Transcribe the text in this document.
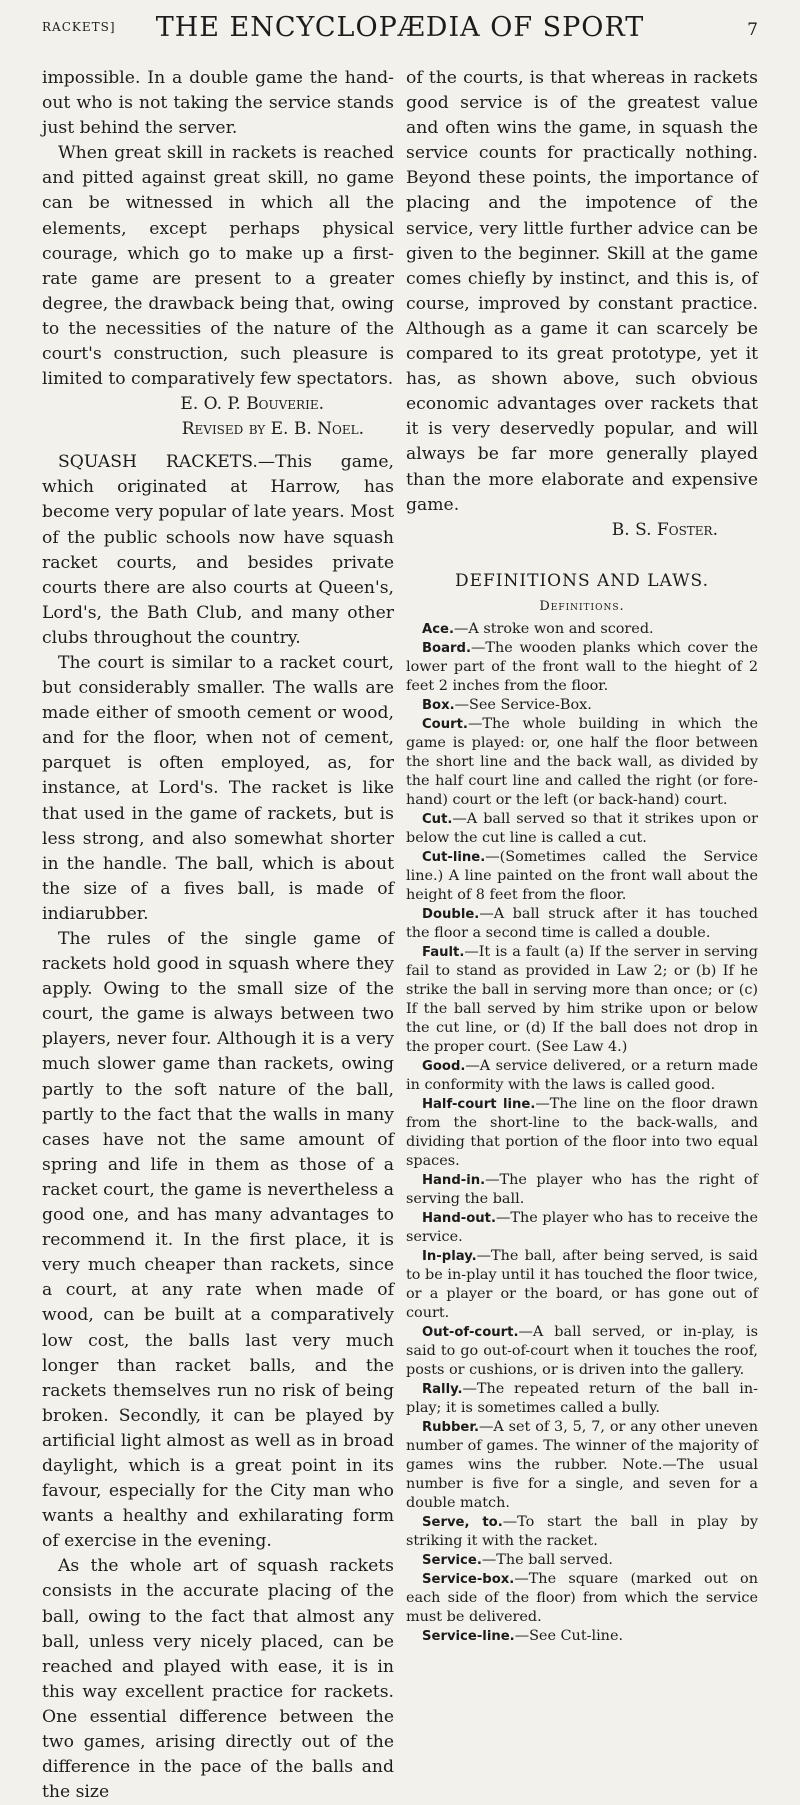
RACKETS]	THE ENCYCLOPÆDIA OF SPORT	7

impossible. In a double game the hand-out who is not taking the service stands just behind the server.

When great skill in rackets is reached and pitted against great skill, no game can be witnessed in which all the elements, except perhaps physical courage, which go to make up a first-rate game are present to a greater degree, the drawback being that, owing to the necessities of the nature of the court's construction, such pleasure is limited to comparatively few spectators.

E. O. P. Bouverie.

Revised by E. B. Noel.

SQUASH RACKETS.—This game, which originated at Harrow, has become very popular of late years. Most of the public schools now have squash racket courts, and besides private courts there are also courts at Queen's, Lord's, the Bath Club, and many other clubs throughout the country.

The court is similar to a racket court, but considerably smaller. The walls are made either of smooth cement or wood, and for the floor, when not of cement, parquet is often employed, as, for instance, at Lord's. The racket is like that used in the game of rackets, but is less strong, and also somewhat shorter in the handle. The ball, which is about the size of a fives ball, is made of indiarubber.

The rules of the single game of rackets hold good in squash where they apply. Owing to the small size of the court, the game is always between two players, never four. Although it is a very much slower game than rackets, owing partly to the soft nature of the ball, partly to the fact that the walls in many cases have not the same amount of spring and life in them as those of a racket court, the game is nevertheless a good one, and has many advantages to recommend it. In the first place, it is very much cheaper than rackets, since a court, at any rate when made of wood, can be built at a comparatively low cost, the balls last very much longer than racket balls, and the rackets themselves run no risk of being broken. Secondly, it can be played by artificial light almost as well as in broad daylight, which is a great point in its favour, especially for the City man who wants a healthy and exhilarating form of exercise in the evening.

As the whole art of squash rackets consists in the accurate placing of the ball, owing to the fact that almost any ball, unless very nicely placed, can be reached and played with ease, it is in this way excellent practice for rackets. One essential difference between the two games, arising directly out of the difference in the pace of the balls and the size

of the courts, is that whereas in rackets good service is of the greatest value and often wins the game, in squash the service counts for practically nothing. Beyond these points, the importance of placing and the impotence of the service, very little further advice can be given to the beginner. Skill at the game comes chiefly by instinct, and this is, of course, improved by constant practice. Although as a game it can scarcely be compared to its great prototype, yet it has, as shown above, such obvious economic advantages over rackets that it is very deservedly popular, and will always be far more generally played than the more elaborate and expensive game.

B. S. Foster.

DEFINITIONS AND LAWS.

Definitions.

Ace.—A stroke won and scored.

Board.—The wooden planks which cover the lower part of the front wall to the hieght of 2 feet 2 inches from the floor.

Box.—See Service-Box.

Court.—The whole building in which the game is played: or, one half the floor between the short line and the back wall, as divided by the half court line and called the right (or fore-hand) court or the left (or back-hand) court.

Cut.—A ball served so that it strikes upon or below the cut line is called a cut.

Cut-line.—(Sometimes called the Service line.) A line painted on the front wall about the height of 8 feet from the floor.

Double.—A ball struck after it has touched the floor a second time is called a double.

Fault.—It is a fault (a) If the server in serving fail to stand as provided in Law 2; or (b) If he strike the ball in serving more than once; or (c) If the ball served by him strike upon or below the cut line, or (d) If the ball does not drop in the proper court. (See Law 4.)

Good.—A service delivered, or a return made in conformity with the laws is called good.

Half-court line.—The line on the floor drawn from the short-line to the back-walls, and dividing that portion of the floor into two equal spaces.

Hand-in.—The player who has the right of serving the ball.

Hand-out.—The player who has to receive the service.

In-play.—The ball, after being served, is said to be in-play until it has touched the floor twice, or a player or the board, or has gone out of court.

Out-of-court.—A ball served, or in-play, is said to go out-of-court when it touches the roof, posts or cushions, or is driven into the gallery.

Rally.—The repeated return of the ball in-play; it is sometimes called a bully.

Rubber.—A set of 3, 5, 7, or any other uneven number of games. The winner of the majority of games wins the rubber. Note.—The usual number is five for a single, and seven for a double match.

Serve, to.—To start the ball in play by striking it with the racket.

Service.—The ball served.

Service-box.—The square (marked out on each side of the floor) from which the service must be delivered.

Service-line.—See Cut-line.
